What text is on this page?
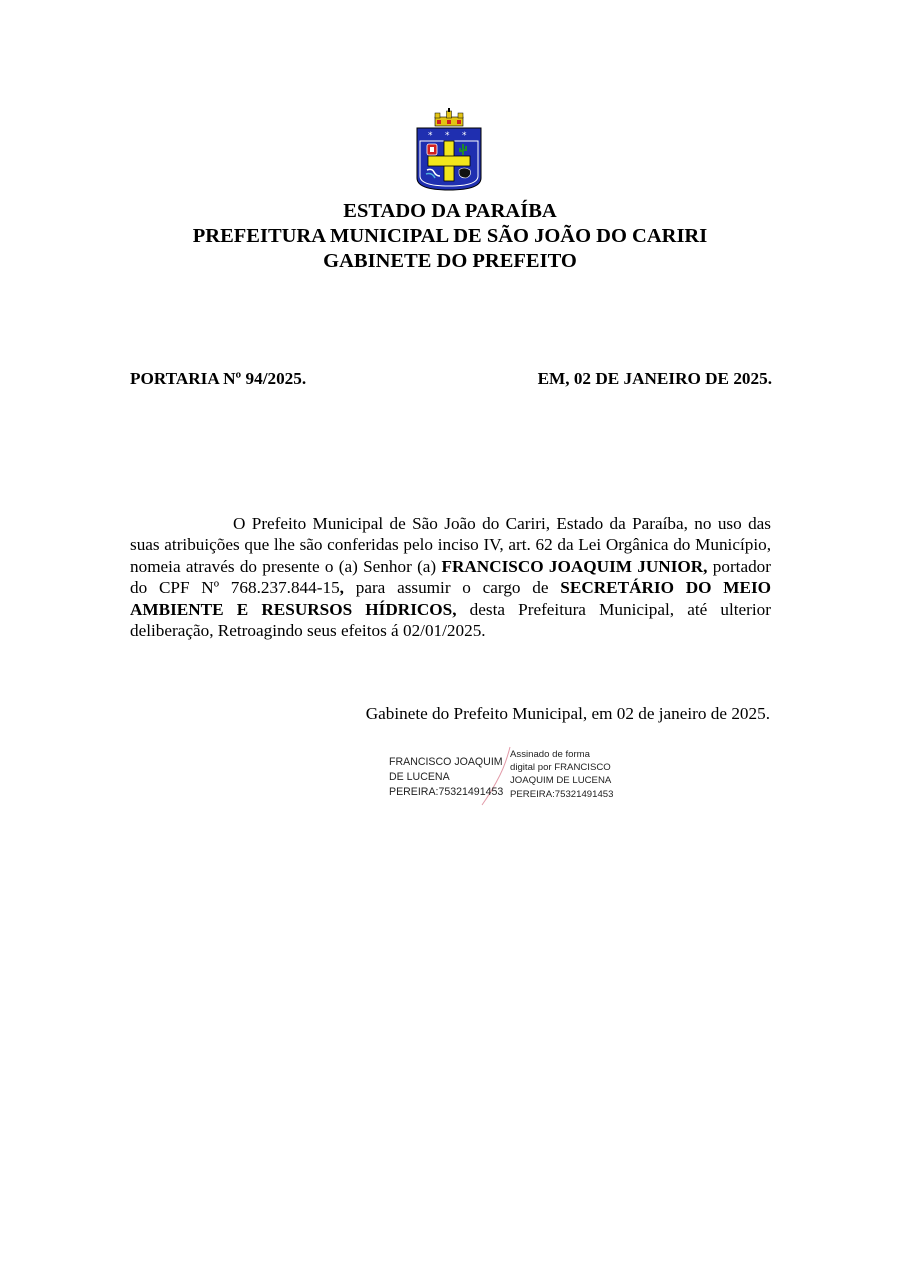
* * *
ESTADO DA PARAÍBA
PREFEITURA MUNICIPAL DE SÃO JOÃO DO CARIRI
GABINETE DO PREFEITO
PORTARIA Nº 94/2025.	EM, 02 DE JANEIRO DE 2025.
O Prefeito Municipal de São João do Cariri, Estado da Paraíba, no uso das suas atribuições que lhe são conferidas pelo inciso IV, art. 62 da Lei Orgânica do Município, nomeia através do presente o (a) Senhor (a) FRANCISCO JOAQUIM JUNIOR, portador do CPF Nº 768.237.844-15, para assumir o cargo de SECRETÁRIO DO MEIO AMBIENTE E RESURSOS HÍDRICOS, desta Prefeitura Municipal, até ulterior deliberação, Retroagindo seus efeitos á 02/01/2025.
Gabinete do Prefeito Municipal, em 02 de janeiro de 2025.
FRANCISCO JOAQUIM
DE LUCENA
PEREIRA:75321491453
Assinado de forma
digital por FRANCISCO
JOAQUIM DE LUCENA
PEREIRA:75321491453
